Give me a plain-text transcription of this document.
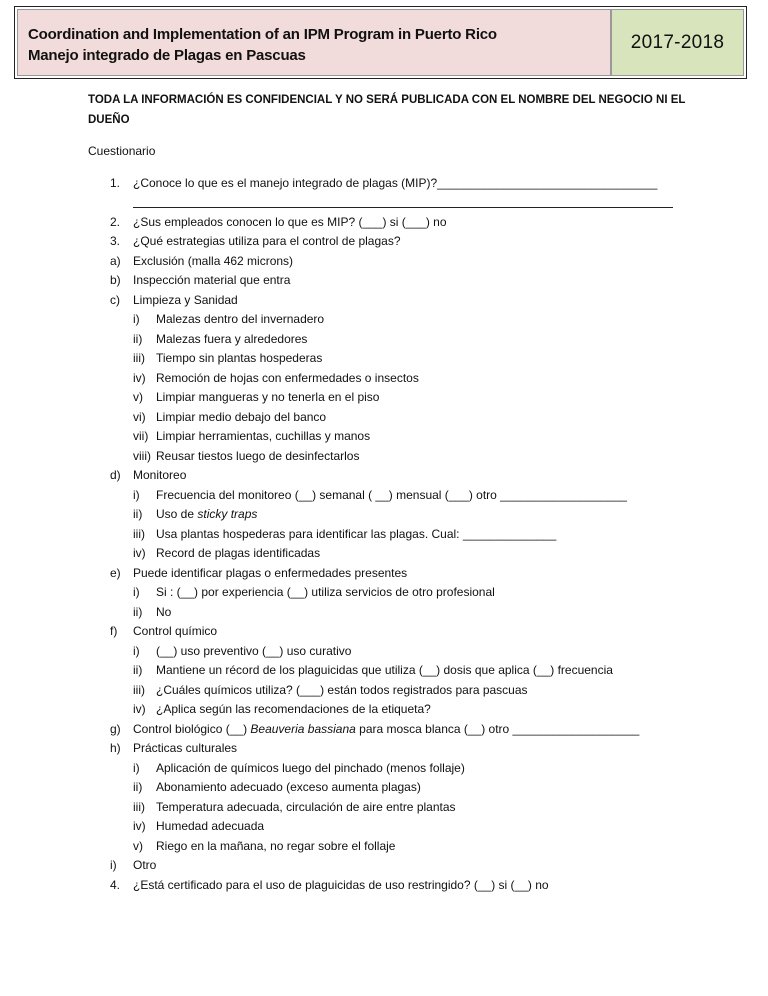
Coordination and Implementation of an IPM Program in Puerto Rico
Manejo integrado de Plagas en Pascuas
2017-2018
TODA LA INFORMACIÓN ES CONFIDENCIAL Y NO SERÁ PUBLICADA CON EL NOMBRE DEL NEGOCIO NI EL DUEÑO
Cuestionario
1. ¿Conoce lo que es el manejo integrado de plagas (MIP)?_________________________________
2. ¿Sus empleados conocen lo que es MIP? (___) si (___) no
3. ¿Qué estrategias utiliza para el control de plagas?
a) Exclusión (malla 462 microns)
b) Inspección material que entra
c) Limpieza y Sanidad
i) Malezas dentro del invernadero
ii) Malezas fuera y alrededores
iii) Tiempo sin plantas hospederas
iv) Remoción de hojas con enfermedades o insectos
v) Limpiar mangueras y no tenerla en el piso
vi) Limpiar medio debajo del banco
vii) Limpiar herramientas, cuchillas y manos
viii) Reusar tiestos luego de desinfectarlos
d) Monitoreo
i) Frecuencia del monitoreo (__) semanal ( __) mensual (___) otro ___________________
ii) Uso de sticky traps
iii) Usa plantas hospederas para identificar las plagas. Cual: ______________
iv) Record de plagas identificadas
e) Puede identificar plagas o enfermedades presentes
i) Si : (__) por experiencia (__) utiliza servicios de otro profesional
ii) No
f) Control químico
i) (__) uso preventivo (__) uso curativo
ii) Mantiene un récord de los plaguicidas que utiliza (__) dosis que aplica (__) frecuencia
iii) ¿Cuáles químicos utiliza? (___) están todos registrados para pascuas
iv) ¿Aplica según las recomendaciones de la etiqueta?
g) Control biológico (__) Beauveria bassiana para mosca blanca (__) otro ___________________
h) Prácticas culturales
i) Aplicación de químicos luego del pinchado (menos follaje)
ii) Abonamiento adecuado (exceso aumenta plagas)
iii) Temperatura adecuada, circulación de aire entre plantas
iv) Humedad adecuada
v) Riego en la mañana, no regar sobre el follaje
i) Otro
4. ¿Está certificado para el uso de plaguicidas de uso restringido? (__) si (__) no
